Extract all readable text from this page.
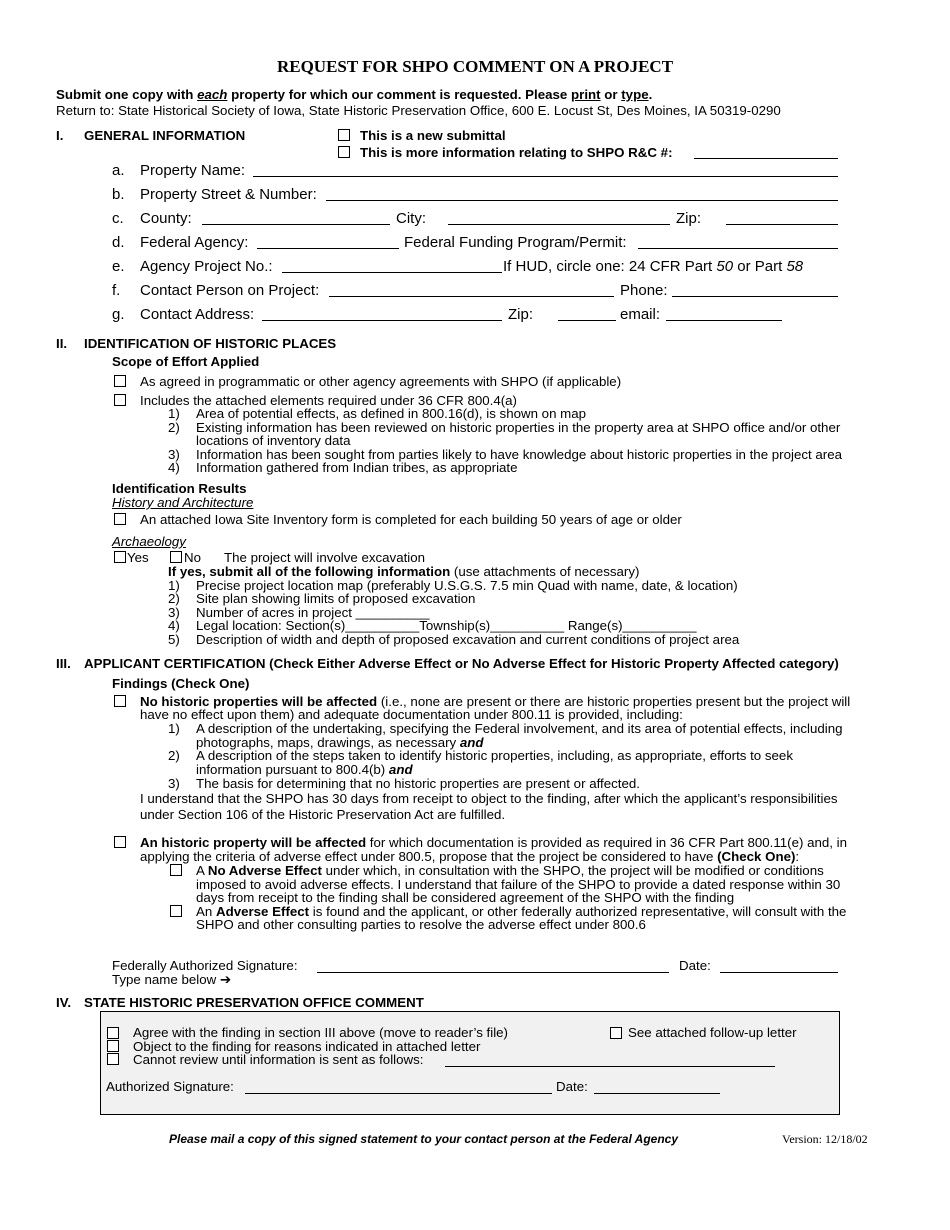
REQUEST FOR SHPO COMMENT ON A PROJECT
Submit one copy with each property for which our comment is requested. Please print or type.
Return to: State Historical Society of Iowa, State Historic Preservation Office, 600 E. Locust St, Des Moines, IA 50319-0290
I. GENERAL INFORMATION	This is a new submittal
This is more information relating to SHPO R&C #:
a. Property Name:
b. Property Street & Number:
c. County:	City:	Zip:
d. Federal Agency:	Federal Funding Program/Permit:
e. Agency Project No.:	If HUD, circle one: 24 CFR Part 50 or Part 58
f. Contact Person on Project:	Phone:
g. Contact Address:	Zip:	email:
II. IDENTIFICATION OF HISTORIC PLACES
Scope of Effort Applied
As agreed in programmatic or other agency agreements with SHPO (if applicable)
Includes the attached elements required under 36 CFR 800.4(a)
1) Area of potential effects, as defined in 800.16(d), is shown on map
2) Existing information has been reviewed on historic properties in the property area at SHPO office and/or other
locations of inventory data
3) Information has been sought from parties likely to have knowledge about historic properties in the project area
4) Information gathered from Indian tribes, as appropriate
Identification Results
History and Architecture
An attached Iowa Site Inventory form is completed for each building 50 years of age or older
Archaeology
Yes	No The project will involve excavation
If yes, submit all of the following information (use attachments of necessary)
1) Precise project location map (preferably U.S.G.S. 7.5 min Quad with name, date, & location)
2) Site plan showing limits of proposed excavation
3) Number of acres in project __________
4) Legal location: Section(s)__________Township(s)__________ Range(s)__________
5) Description of width and depth of proposed excavation and current conditions of project area
III. APPLICANT CERTIFICATION (Check Either Adverse Effect or No Adverse Effect for Historic Property Affected category)
Findings (Check One)
No historic properties will be affected (i.e., none are present or there are historic properties present but the project will
have no effect upon them) and adequate documentation under 800.11 is provided, including:
1) A description of the undertaking, specifying the Federal involvement, and its area of potential effects, including
photographs, maps, drawings, as necessary and
2) A description of the steps taken to identify historic properties, including, as appropriate, efforts to seek
information pursuant to 800.4(b) and
3) The basis for determining that no historic properties are present or affected.
I understand that the SHPO has 30 days from receipt to object to the finding, after which the applicant’s responsibilities
under Section 106 of the Historic Preservation Act are fulfilled.
An historic property will be affected for which documentation is provided as required in 36 CFR Part 800.11(e) and, in
applying the criteria of adverse effect under 800.5, propose that the project be considered to have (Check One):
A No Adverse Effect under which, in consultation with the SHPO, the project will be modified or conditions
imposed to avoid adverse effects. I understand that failure of the SHPO to provide a dated response within 30
days from receipt to the finding shall be considered agreement of the SHPO with the finding
An Adverse Effect is found and the applicant, or other federally authorized representative, will consult with the
SHPO and other consulting parties to resolve the adverse effect under 800.6
Federally Authorized Signature:	Date:
Type name below ➔
IV. STATE HISTORIC PRESERVATION OFFICE COMMENT
Agree with the finding in section III above (move to reader’s file)	See attached follow-up letter
Object to the finding for reasons indicated in attached letter
Cannot review until information is sent as follows:
Authorized Signature:	Date:
Please mail a copy of this signed statement to your contact person at the Federal Agency	Version: 12/18/02
